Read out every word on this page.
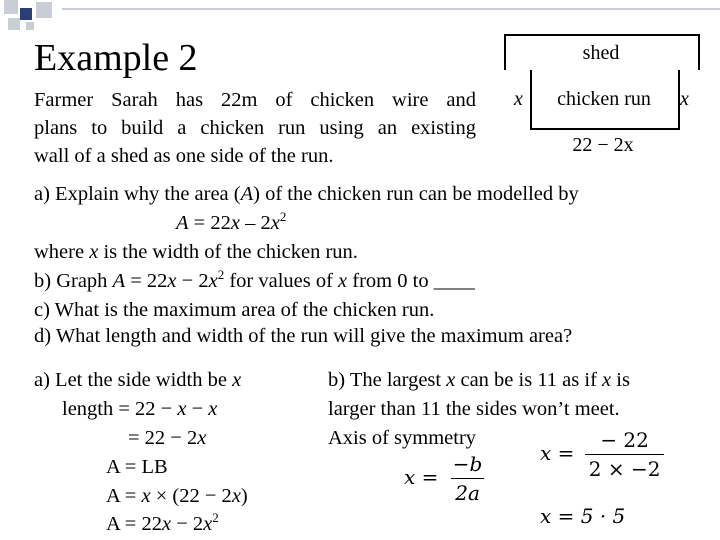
Example 2
Farmer Sarah has 22m of chicken wire and
plans to build a chicken run using an existing
wall of a shed as one side of the run.
shed
chicken run
x	x
22 − 2x
a) Explain why the area (A) of the chicken run can be modelled by
$A = 22x - 2x^2$
where x is the width of the chicken run.
b) Graph $A = 22x - 2x^2$ for values of x from 0 to ____
c) What is the maximum area of the chicken run.
d) What length and width of the run will give the maximum area?
a) Let the side width be x
length = 22 − x − x
= 22 − 2x
A = LB
A = x × (22 − 2x)
$A = 22x - 2x^2$
b) The largest x can be is 11 as if x is
larger than 11 the sides won’t meet.
Axis of symmetry
$x = \frac{-b}{2a}$	$x = \frac{- 22}{2 \times -2}$
x = 5 · 5
